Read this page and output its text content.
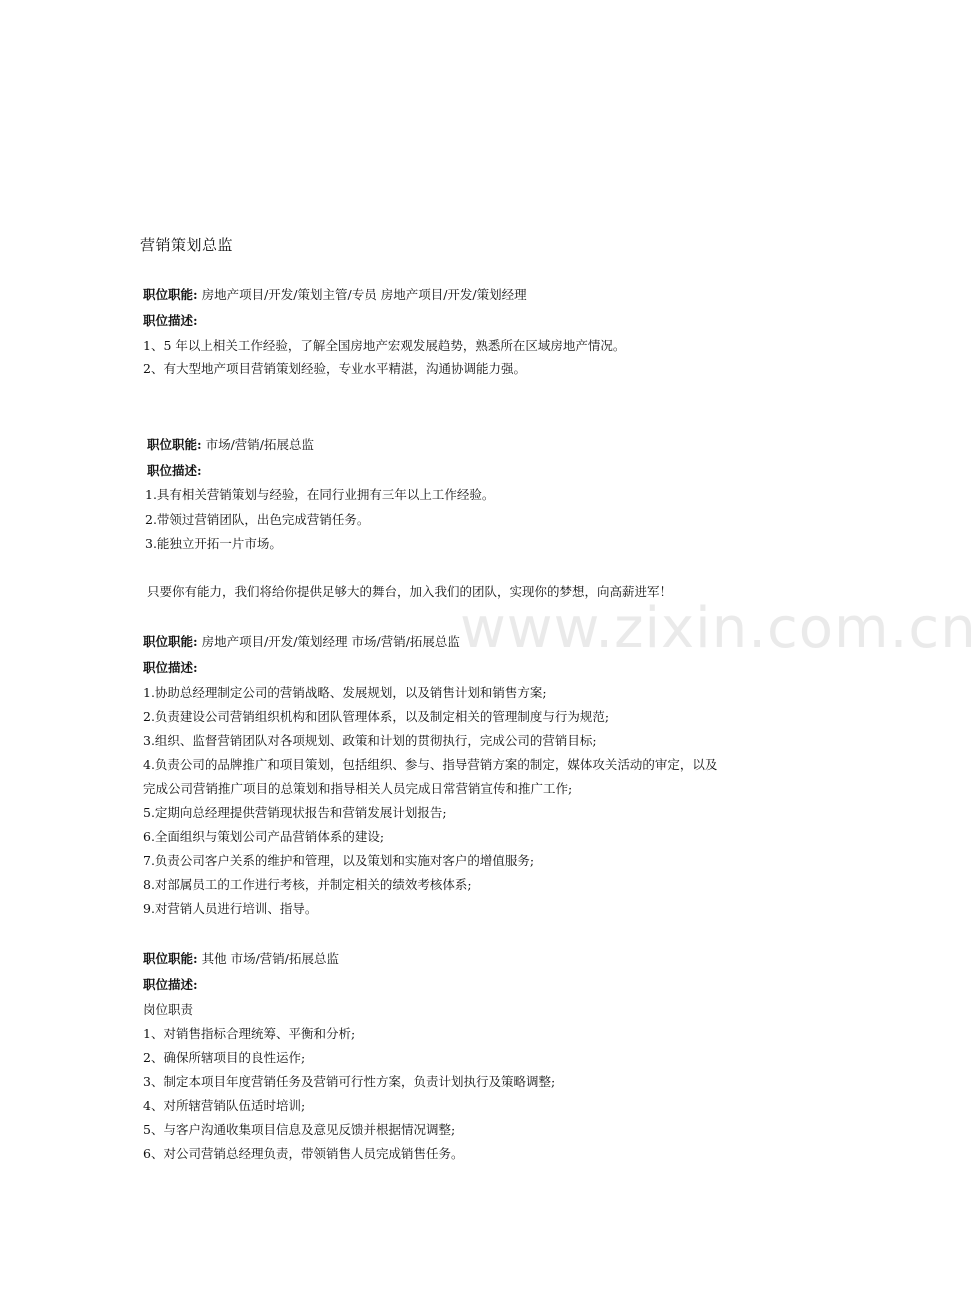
www.zixin.com.cn
营销策划总监
职位职能: 房地产项目/开发/策划主管/专员 房地产项目/开发/策划经理
职位描述:
1、5 年以上相关工作经验，了解全国房地产宏观发展趋势，熟悉所在区域房地产情况。
2、有大型地产项目营销策划经验，专业水平精湛，沟通协调能力强。
职位职能: 市场/营销/拓展总监
职位描述:
1.具有相关营销策划与经验，在同行业拥有三年以上工作经验。
2.带领过营销团队，出色完成营销任务。
3.能独立开拓一片市场。
只要你有能力，我们将给你提供足够大的舞台，加入我们的团队，实现你的梦想，向高薪进军！
职位职能: 房地产项目/开发/策划经理 市场/营销/拓展总监
职位描述:
1.协助总经理制定公司的营销战略、发展规划，以及销售计划和销售方案;
2.负责建设公司营销组织机构和团队管理体系，以及制定相关的管理制度与行为规范;
3.组织、监督营销团队对各项规划、政策和计划的贯彻执行，完成公司的营销目标;
4.负责公司的品牌推广和项目策划，包括组织、参与、指导营销方案的制定，媒体攻关活动的审定，以及
完成公司营销推广项目的总策划和指导相关人员完成日常营销宣传和推广工作;
5.定期向总经理提供营销现状报告和营销发展计划报告;
6.全面组织与策划公司产品营销体系的建设;
7.负责公司客户关系的维护和管理，以及策划和实施对客户的增值服务;
8.对部属员工的工作进行考核，并制定相关的绩效考核体系;
9.对营销人员进行培训、指导。
职位职能: 其他 市场/营销/拓展总监
职位描述:
岗位职责
1、对销售指标合理统筹、平衡和分析;
2、确保所辖项目的良性运作;
3、制定本项目年度营销任务及营销可行性方案，负责计划执行及策略调整;
4、对所辖营销队伍适时培训;
5、与客户沟通收集项目信息及意见反馈并根据情况调整;
6、对公司营销总经理负责，带领销售人员完成销售任务。
